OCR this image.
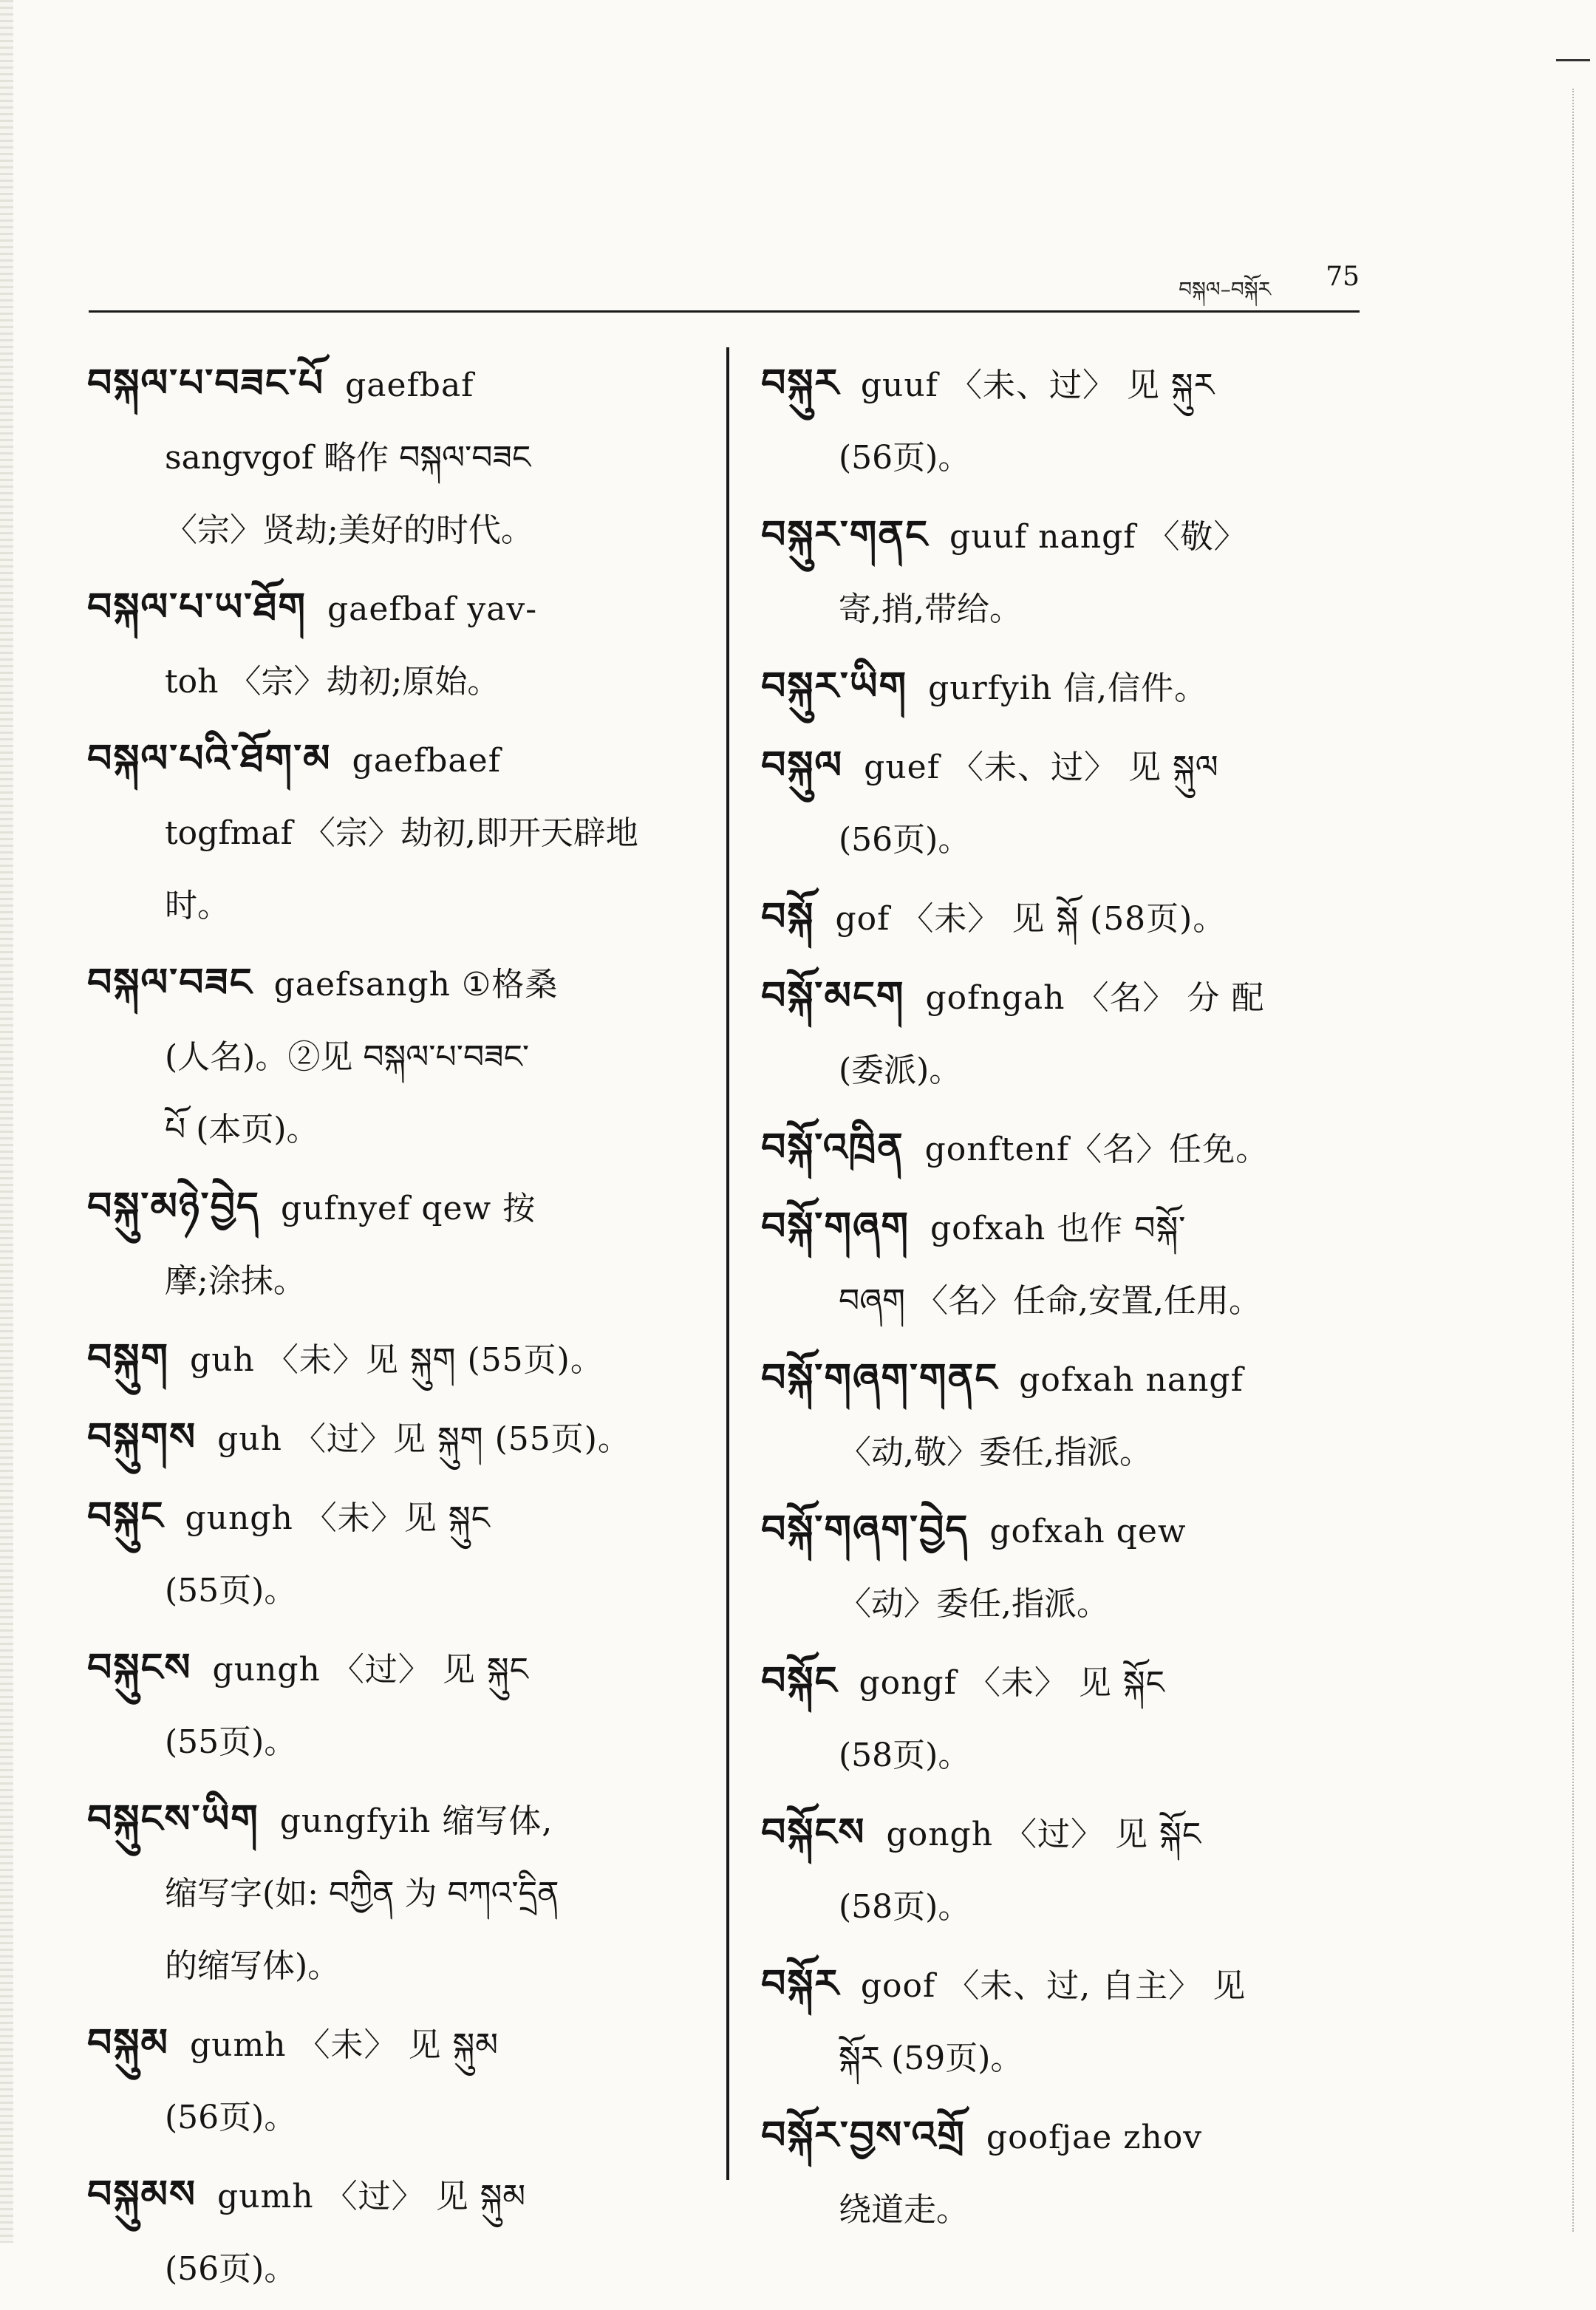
བསྐལ–བསྐོར 75

བསྐལ་པ་བཟང་པོ gaefbaf

sangvgof 略作 བསྐལ་བཟང

〈宗〉贤劫;美好的时代。

བསྐལ་པ་ཡ་ཐོག gaefbaf yav-

toh 〈宗〉劫初;原始。

བསྐལ་པའི་ཐོག་མ gaefbaef

togfmaf 〈宗〉劫初,即开天辟地

时。

བསྐལ་བཟང gaefsangh ①格桑

(人名)。②见 བསྐལ་པ་བཟང་

པོ (本页)。

བསྐུ་མཉེ་བྱེད gufnyef qew 按

摩;涂抹。

བསྐུག guh 〈未〉见 སྐུག (55页)。

བསྐུགས guh 〈过〉见 སྐུག (55页)。

བསྐུང gungh 〈未〉见 སྐུང

(55页)。

བསྐུངས gungh 〈过〉 见 སྐུང

(55页)。

བསྐུངས་ཡིག gungfyih 缩写体,

缩写字(如: བཀྱིན 为 བཀའ་དྲིན

的缩写体)。

བསྐུམ gumh 〈未〉 见 སྐུམ

(56页)。

བསྐུམས gumh 〈过〉 见 སྐུམ

(56页)。

བསྐུར guuf 〈未、过〉 见 སྐུར

(56页)。

བསྐུར་གནང guuf nangf 〈敬〉

寄,捎,带给。

བསྐུར་ཡིག gurfyih 信,信件。

བསྐུལ guef 〈未、过〉 见 སྐུལ

(56页)。

བསྐོ gof 〈未〉 见 སྐོ (58页)。

བསྐོ་མངག gofngah 〈名〉 分 配

(委派)。

བསྐོ་འཁྲིན gonftenf〈名〉任免。

བསྐོ་གཞག gofxah 也作 བསྐོ་

བཞག 〈名〉任命,安置,任用。

བསྐོ་གཞག་གནང gofxah nangf

〈动,敬〉委任,指派。

བསྐོ་གཞག་བྱེད gofxah qew

〈动〉委任,指派。

བསྐོང gongf 〈未〉 见 སྐོང

(58页)。

བསྐོངས gongh 〈过〉 见 སྐོང

(58页)。

བསྐོར goof 〈未、过, 自主〉 见

སྐོར (59页)。

བསྐོར་བྱས་འགྲོ goofjae zhov

绕道走。
